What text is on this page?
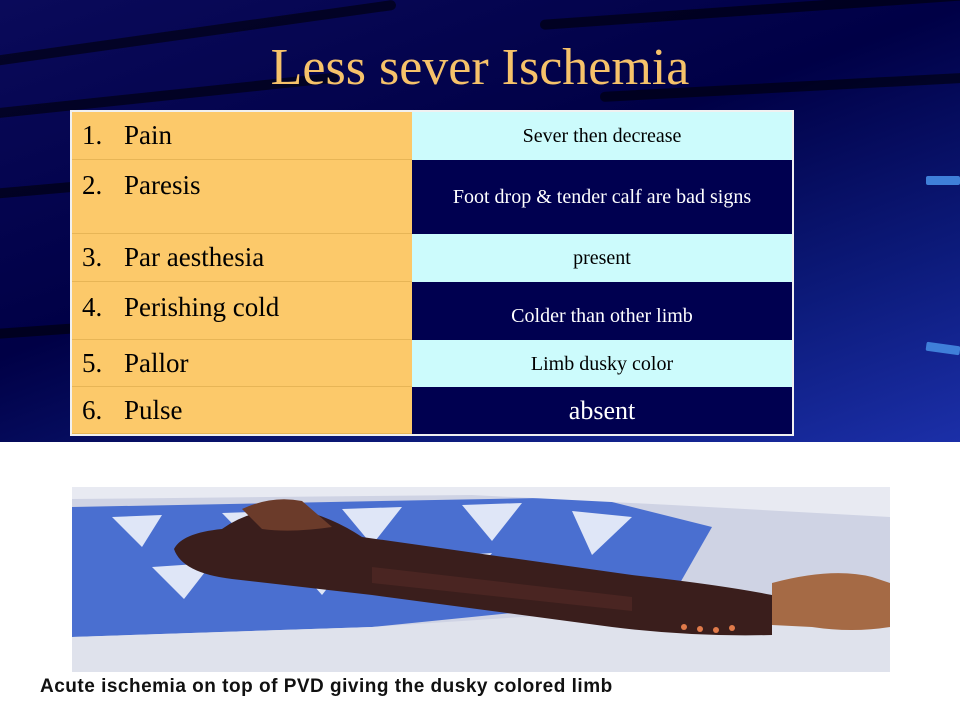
Less sever Ischemia
1. Pain	Sever then decrease
2. Paresis	Foot drop & tender calf are bad signs
3. Par aesthesia	present
4. Perishing cold	Colder than other limb
5. Pallor	Limb dusky color
6. Pulse	absent
Acute ischemia on top of PVD giving the dusky colored limb
